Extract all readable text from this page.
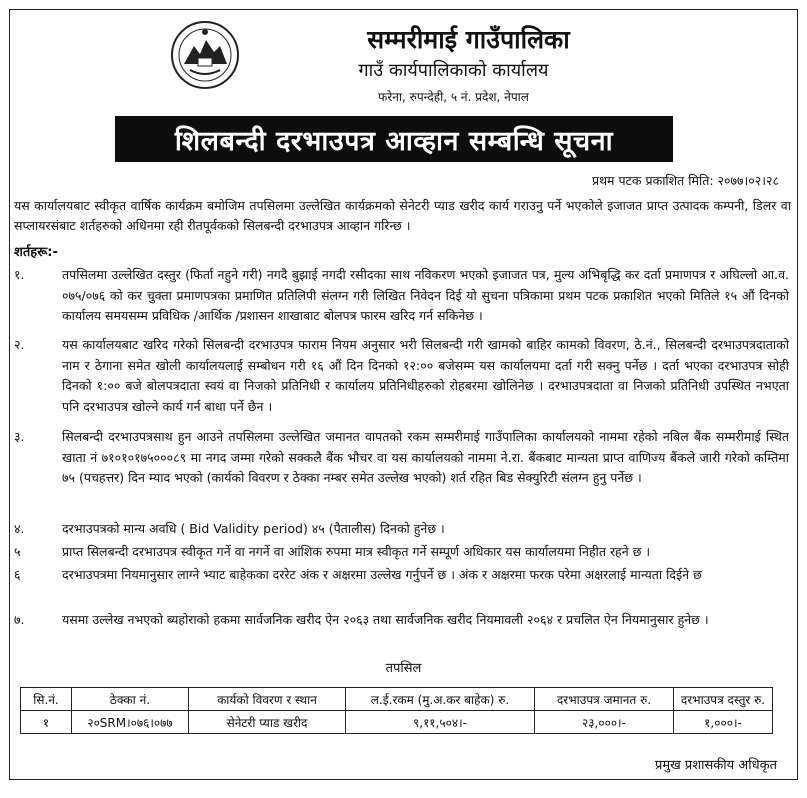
सम्मरीमाई गाउँपालिका
गाउँ कार्यपालिकाको कार्यालय
फरेना, रुपन्देही, ५ नं. प्रदेश, नेपाल
शिलबन्दी दरभाउपत्र आव्हान सम्बन्धि सूचना
प्रथम पटक प्रकाशित मिति: २०७७।०२।२८
यस कार्यालयबाट स्वीकृत वार्षिक कार्यक्रम बमोजिम तपसिलमा उल्लेखित कार्यक्रमको सेनेटरी प्याड खरीद कार्य गराउनु पर्ने भएकोले इजाजत प्राप्त उत्पादक कम्पनी, डिलर वा सप्लायरसंबाट शर्तहरुको अधिनमा रही रीतपूर्वकको सिलबन्दी दरभाउपत्र आव्हान गरिन्छ ।
शर्तहरू:-
१.	तपसिलमा उल्लेखित दस्तुर (फिर्ता नहुने गरी) नगदै बुझाई नगदी रसीदका साथ नविकरण भएको इजाजत पत्र, मुल्य अभिबृद्धि कर दर्ता प्रमाणपत्र र अघिल्लो आ.व. ०७५/०७६ को कर चुक्ता प्रमाणपत्रका प्रमाणित प्रतिलिपी संलग्न गरी लिखित निवेदन दिई यो सुचना पत्रिकामा प्रथम पटक प्रकाशित भएको मितिले १५ औं दिनको कार्यालय समयसम्म प्रविधिक /आर्थिक /प्रशासन शाखाबाट बोलपत्र फारम खरिद गर्न सकिनेछ ।
२.	यस कार्यालयबाट खरिद गरेको सिलबन्दी दरभाउपत्र फाराम नियम अनुसार भरी सिलबन्दी गरी खामको बाहिर कामको विवरण, ठे.नं., सिलबन्दी दरभाउपत्रदाताको नाम र ठेगाना समेत खोली कार्यालयलाई सम्बोधन गरी १६ औं दिन दिनको १२:०० बजेसम्म यस कार्यालयमा दर्ता गरी सक्नु पर्नेछ । दर्ता भएका दरभाउपत्र सोही दिनको १:०० बजे बोलपत्रदाता स्वयं वा निजको प्रतिनिधी र कार्यालय प्रतिनिधीहरुको रोहबरमा खोलिनेछ । दरभाउपत्रदाता वा निजको प्रतिनिधी उपस्थित नभएता पनि दरभाउपत्र खोल्ने कार्य गर्न बाधा पर्ने छैन ।
३.	सिलबन्दी दरभाउपत्रसाथ हुन आउने तपसिलमा उल्लेखित जमानत वापतको रकम सम्मरीमाई गाउँपालिका कार्यालयको नाममा रहेको नबिल बैंक सम्मरीमाई स्थित खाता नं ७१०१०१७५०००८९ मा नगद जम्मा गरेको सक्कलै बैंक भौचर वा यस कार्यालयको नाममा ने.रा. बैंकबाट मान्यता प्राप्त वाणिज्य बैंकले जारी गरेको कम्तिमा ७५ (पचहत्तर) दिन म्याद भएको (कार्यको विवरण र ठेक्का नम्बर समेत उल्लेख भएको) शर्त रहित बिड सेक्युरिटी संलग्न हुनु पर्नेछ ।
४.	दरभाउपत्रको मान्य अवधि ( Bid Validity period) ४५ (पैतालीस) दिनको हुनेछ ।
५	प्राप्त सिलबन्दी दरभाउपत्र स्वीकृत गर्ने वा नगर्ने वा आंशिक रुपमा मात्र स्वीकृत गर्ने सम्पूर्ण अधिकार यस कार्यालयमा निहीत रहने छ ।
६	दरभाउपत्रमा नियमानुसार लाग्ने भ्याट बाहेकका दररेट अंक र अक्षरमा उल्लेख गर्नुपर्ने छ । अंक र अक्षरमा फरक परेमा अक्षरलाई मान्यता दिईने छ
७.	यसमा उल्लेख नभएको ब्यहोराको हकमा सार्वजनिक खरीद ऐन २०६३ तथा सार्वजनिक खरीद नियमावली २०६४ र प्रचलित ऐन नियमानुसार हुनेछ ।
तपसिल
सि.नं.	ठेक्का नं.	कार्यको विवरण र स्थान	ल.ई.रकम (मु.अ.कर बाहेक) रु.	दरभाउपत्र जमानत रु.	दरभाउपत्र दस्तुर रु.
१	२०SRM।०७६।०७७	सेनेटरी प्याड खरीद	९,११,५०४।-	२३,०००।-	१,०००।-
प्रमुख प्रशासकीय अधिकृत
